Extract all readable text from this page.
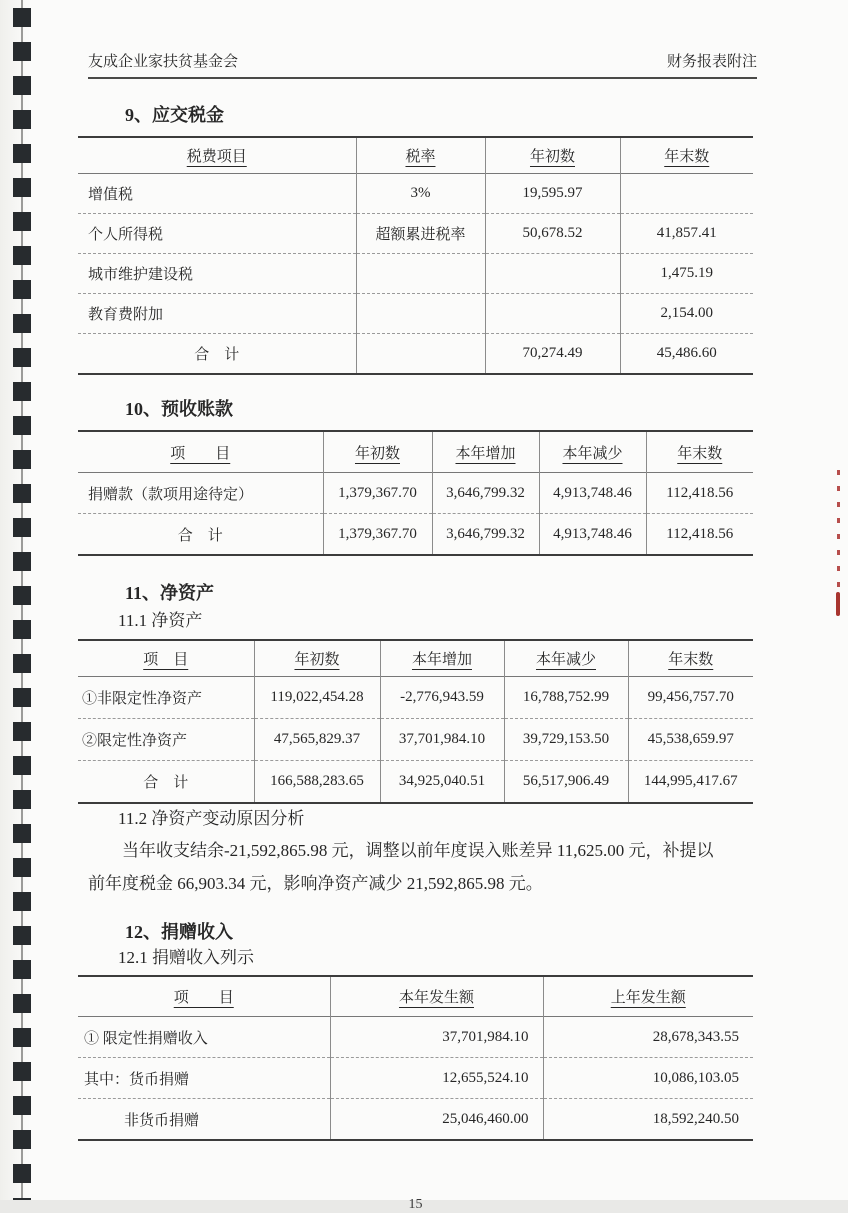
友成企业家扶贫基金会	财务报表附注
9、应交税金
税费项目	税率	年初数	年末数
增值税	3%	19,595.97	
个人所得税	超额累进税率	50,678.52	41,857.41
城市维护建设税			1,475.19
教育费附加			2,154.00
合　计		70,274.49	45,486.60
10、预收账款
项　　目	年初数	本年增加	本年减少	年末数
捐赠款（款项用途待定）	1,379,367.70	3,646,799.32	4,913,748.46	112,418.56
合　计	1,379,367.70	3,646,799.32	4,913,748.46	112,418.56
11、净资产
11.1 净资产
项　目	年初数	本年增加	本年减少	年末数
①非限定性净资产	119,022,454.28	-2,776,943.59	16,788,752.99	99,456,757.70
②限定性净资产	47,565,829.37	37,701,984.10	39,729,153.50	45,538,659.97
合　计	166,588,283.65	34,925,040.51	56,517,906.49	144,995,417.67
11.2 净资产变动原因分析
当年收支结余-21,592,865.98 元，调整以前年度误入账差异 11,625.00 元，补提以
前年度税金 66,903.34 元，影响净资产减少 21,592,865.98 元。
12、捐赠收入
12.1 捐赠收入列示
项　　目	本年发生额	上年发生额
① 限定性捐赠收入	37,701,984.10	28,678,343.55
其中：货币捐赠	12,655,524.10	10,086,103.05
非货币捐赠	25,046,460.00	18,592,240.50
15
